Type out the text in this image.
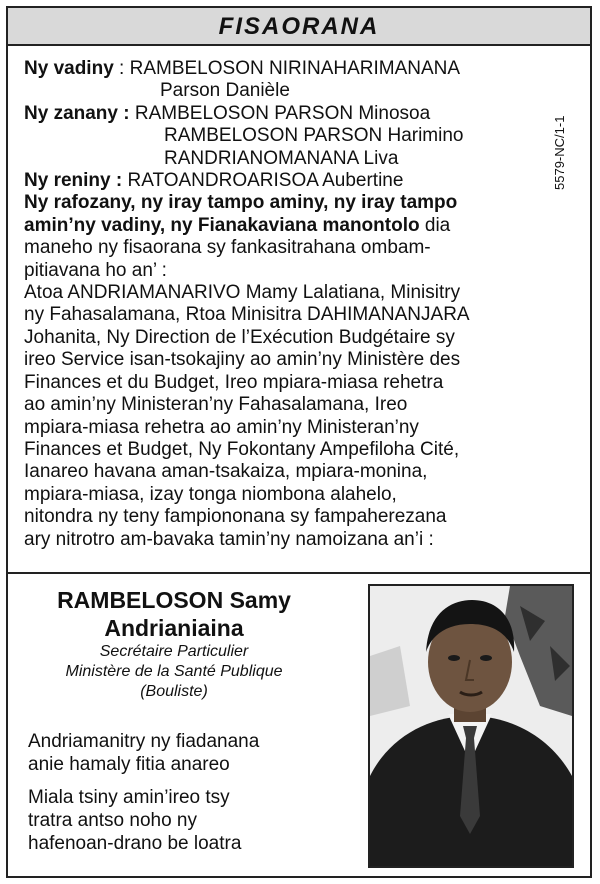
FISAORANA
5579-NC/1-1
Ny vadiny : RAMBELOSON NIRINAHARIMANANA
Parson Danièle
Ny zanany : RAMBELOSON PARSON Minosoa
RAMBELOSON PARSON Harimino
RANDRIANOMANANA Liva
Ny reniny : RATOANDROARISOA Aubertine
Ny rafozany, ny iray tampo aminy, ny iray tampo
amin’ny vadiny, ny Fianakaviana manontolo dia
maneho ny fisaorana sy fankasitrahana ombam-
pitiavana ho an’ :
Atoa ANDRIAMANARIVO Mamy Lalatiana, Minisitry
ny Fahasalamana, Rtoa Minisitra DAHIMANANJARA
Johanita, Ny Direction de l’Exécution Budgétaire sy
ireo Service isan-tsokajiny ao amin’ny Ministère des
Finances et du Budget, Ireo mpiara-miasa rehetra
ao amin’ny Ministeran’ny Fahasalamana, Ireo
mpiara-miasa rehetra ao amin’ny Ministeran’ny
Finances et Budget, Ny Fokontany Ampefiloha Cité,
Ianareo havana aman-tsakaiza, mpiara-monina,
mpiara-miasa, izay tonga niombona alahelo,
nitondra ny teny fampiononana sy fampaherezana
ary nitrotro am-bavaka tamin’ny namoizana an’i :
RAMBELOSON Samy
Andrianiaina
Secrétaire Particulier
Ministère de la Santé Publique
(Bouliste)
Andriamanitry ny fiadanana
anie hamaly fitia anareo
Miala tsiny amin’ireo tsy
tratra antso noho ny
hafenoan-drano be loatra
